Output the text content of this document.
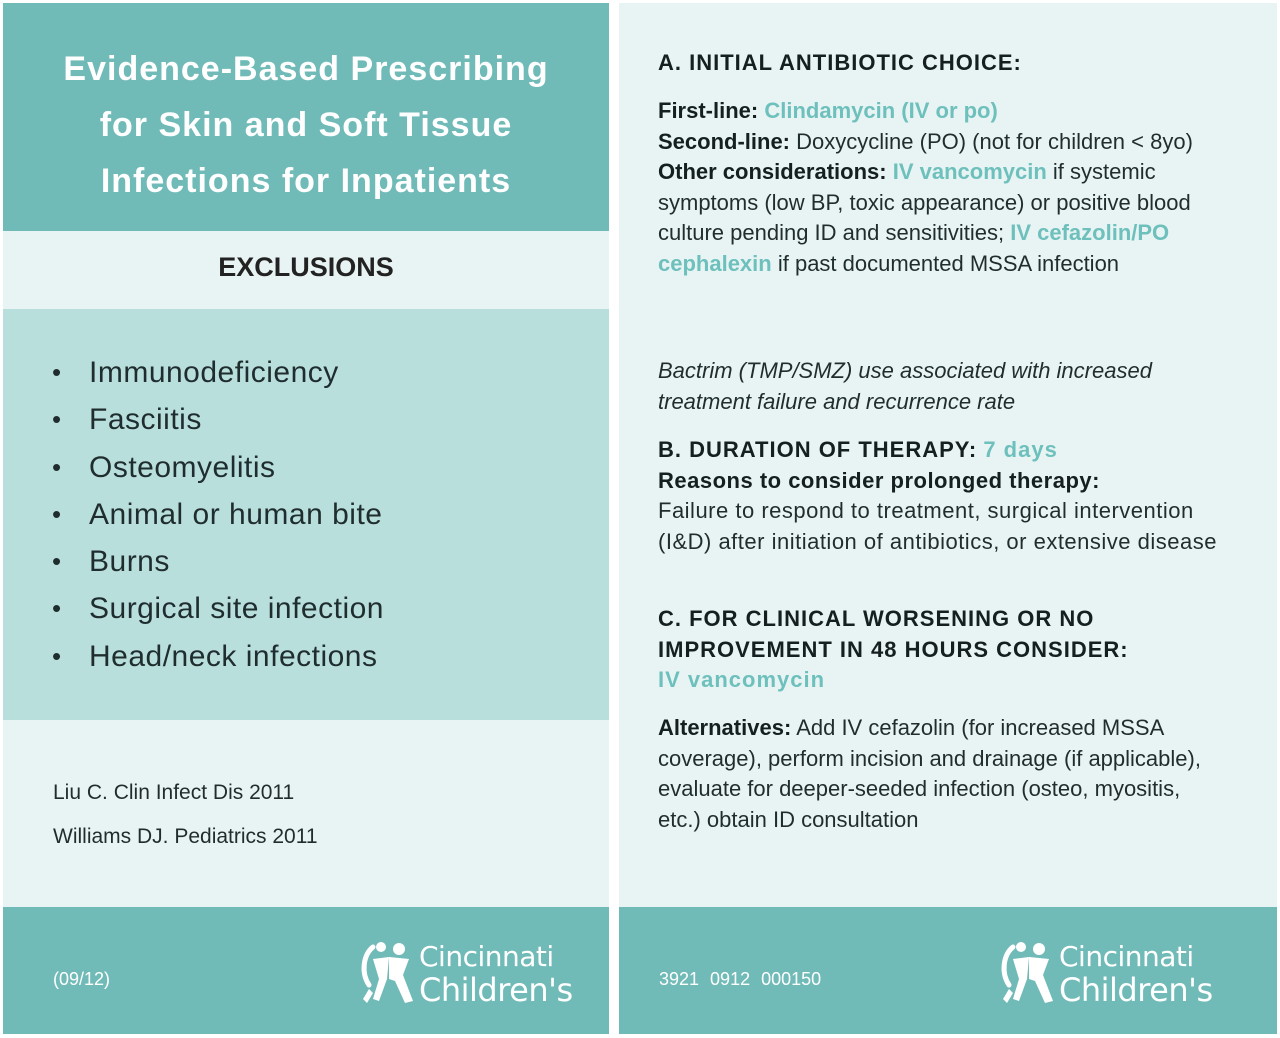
Evidence-Based Prescribing
for Skin and Soft Tissue
Infections for Inpatients
EXCLUSIONS
• Immunodeficiency
• Fasciitis
• Osteomyelitis
• Animal or human bite
• Burns
• Surgical site infection
• Head/neck infections
Liu C. Clin Infect Dis 2011
Williams DJ. Pediatrics 2011
(09/12)
Cincinnati
Children's
A. INITIAL ANTIBIOTIC CHOICE:
First-line: Clindamycin (IV or po)
Second-line: Doxycycline (PO) (not for children < 8yo)
Other considerations: IV vancomycin if systemic symptoms (low BP, toxic appearance) or positive blood culture pending ID and sensitivities; IV cefazolin/PO cephalexin if past documented MSSA infection
Bactrim (TMP/SMZ) use associated with increased treatment failure and recurrence rate
B. DURATION OF THERAPY: 7 days
Reasons to consider prolonged therapy:
Failure to respond to treatment, surgical intervention (I&D) after initiation of antibiotics, or extensive disease
C. FOR CLINICAL WORSENING OR NO
IMPROVEMENT IN 48 HOURS CONSIDER:
IV vancomycin
Alternatives: Add IV cefazolin (for increased MSSA coverage), perform incision and drainage (if applicable), evaluate for deeper-seeded infection (osteo, myositis, etc.) obtain ID consultation
3921 0912 000150
Cincinnati
Children's
